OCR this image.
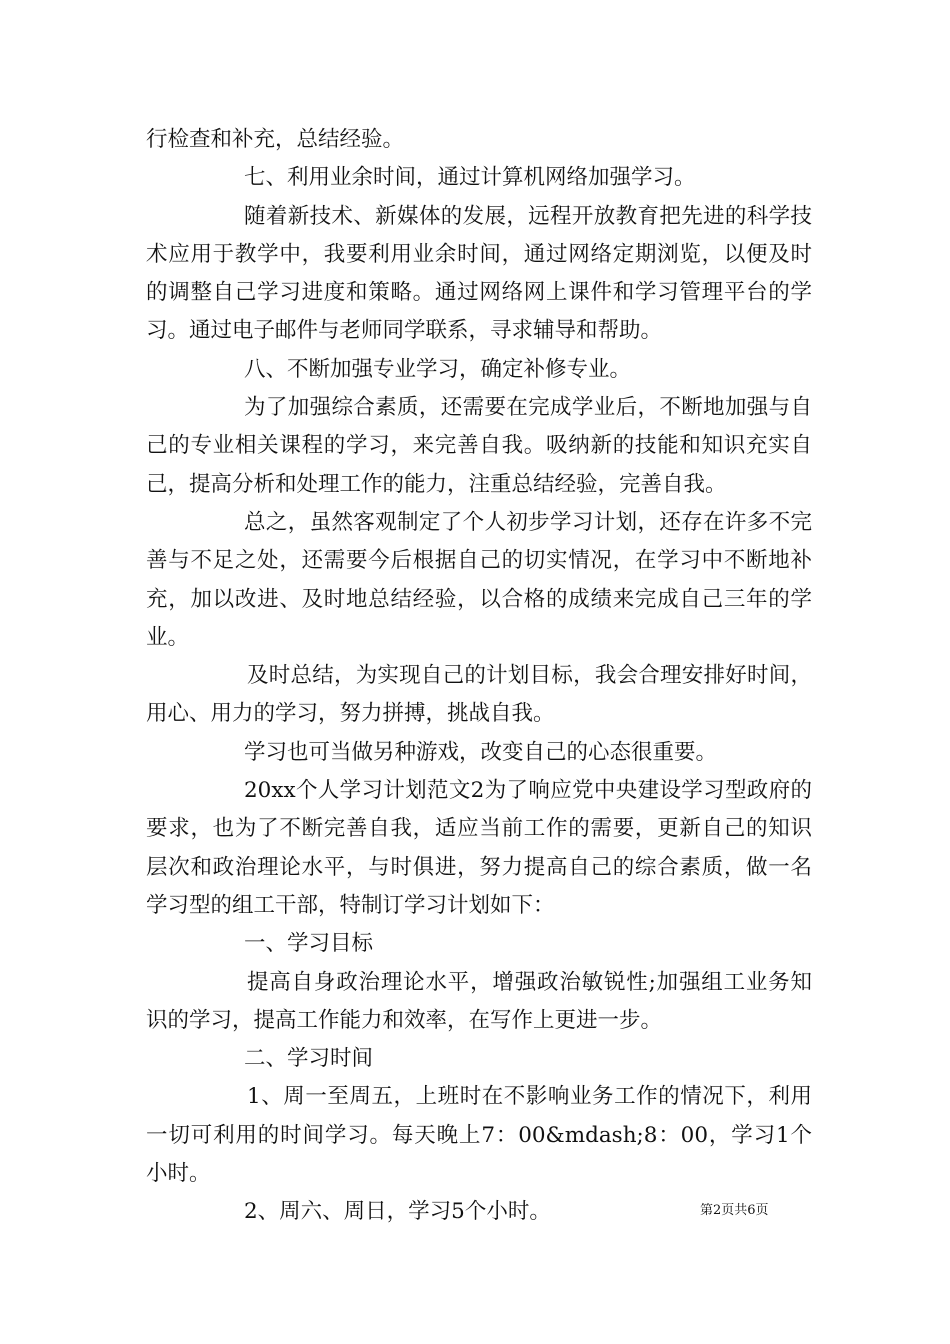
行检查和补充，总结经验。

七、利用业余时间，通过计算机网络加强学习。

随着新技术、新媒体的发展，远程开放教育把先进的科学技术应用于教学中，我要利用业余时间，通过网络定期浏览，以便及时的调整自己学习进度和策略。通过网络网上课件和学习管理平台的学习。通过电子邮件与老师同学联系，寻求辅导和帮助。

八、不断加强专业学习，确定补修专业。

为了加强综合素质，还需要在完成学业后，不断地加强与自己的专业相关课程的学习，来完善自我。吸纳新的技能和知识充实自己，提高分析和处理工作的能力，注重总结经验，完善自我。

总之，虽然客观制定了个人初步学习计划，还存在许多不完善与不足之处，还需要今后根据自己的切实情况，在学习中不断地补充，加以改进、及时地总结经验，以合格的成绩来完成自己三年的学业。

及时总结，为实现自己的计划目标，我会合理安排好时间，用心、用力的学习，努力拼搏，挑战自我。

学习也可当做另种游戏，改变自己的心态很重要。

20xx个人学习计划范文2为了响应党中央建设学习型政府的要求，也为了不断完善自我，适应当前工作的需要，更新自己的知识层次和政治理论水平，与时俱进，努力提高自己的综合素质，做一名学习型的组工干部，特制订学习计划如下：

一、学习目标

提高自身政治理论水平，增强政治敏锐性;加强组工业务知识的学习，提高工作能力和效率，在写作上更进一步。

二、学习时间

1、周一至周五，上班时在不影响业务工作的情况下，利用一切可利用的时间学习。每天晚上7：00&mdash;8：00，学习1个小时。

2、周六、周日，学习5个小时。	第2页共6页
